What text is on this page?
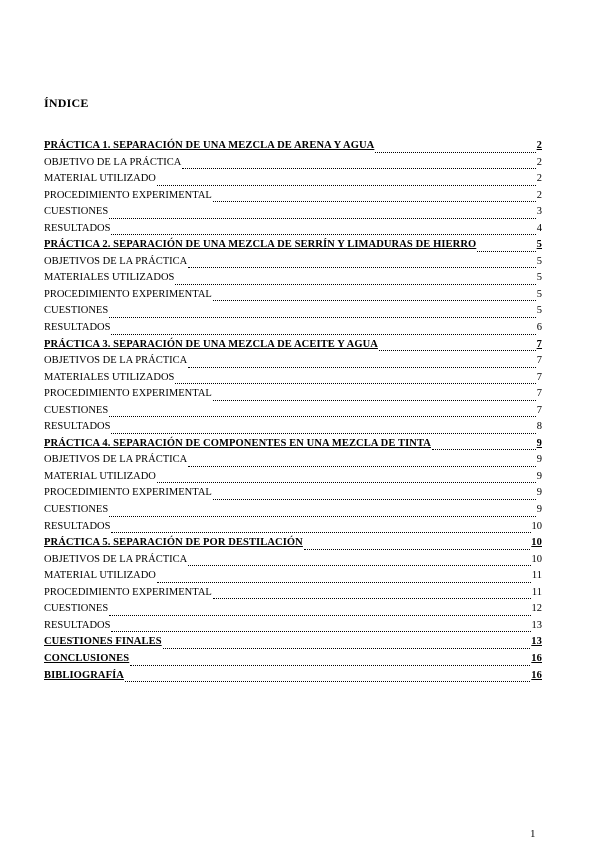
ÍNDICE
PRÁCTICA 1. SEPARACIÓN DE UNA MEZCLA DE ARENA Y AGUA	2
OBJETIVO DE LA PRÁCTICA	2
MATERIAL UTILIZADO	2
PROCEDIMIENTO EXPERIMENTAL	2
CUESTIONES	3
RESULTADOS	4
PRÁCTICA 2. SEPARACIÓN DE UNA MEZCLA DE SERRÍN Y LIMADURAS DE HIERRO	5
OBJETIVOS DE LA PRÁCTICA	5
MATERIALES UTILIZADOS	5
PROCEDIMIENTO EXPERIMENTAL	5
CUESTIONES	5
RESULTADOS	6
PRÁCTICA 3. SEPARACIÓN DE UNA MEZCLA DE ACEITE Y AGUA	7
OBJETIVOS DE LA PRÁCTICA	7
MATERIALES UTILIZADOS	7
PROCEDIMIENTO EXPERIMENTAL	7
CUESTIONES	7
RESULTADOS	8
PRÁCTICA 4. SEPARACIÓN DE COMPONENTES EN UNA MEZCLA DE TINTA	9
OBJETIVOS DE LA PRÁCTICA	9
MATERIAL UTILIZADO	9
PROCEDIMIENTO EXPERIMENTAL	9
CUESTIONES	9
RESULTADOS	10
PRÁCTICA 5. SEPARACIÓN DE POR DESTILACIÓN	10
OBJETIVOS DE LA PRÁCTICA	10
MATERIAL UTILIZADO	11
PROCEDIMIENTO EXPERIMENTAL	11
CUESTIONES	12
RESULTADOS	13
CUESTIONES FINALES	13
CONCLUSIONES	16
BIBLIOGRAFÍA	16
1
